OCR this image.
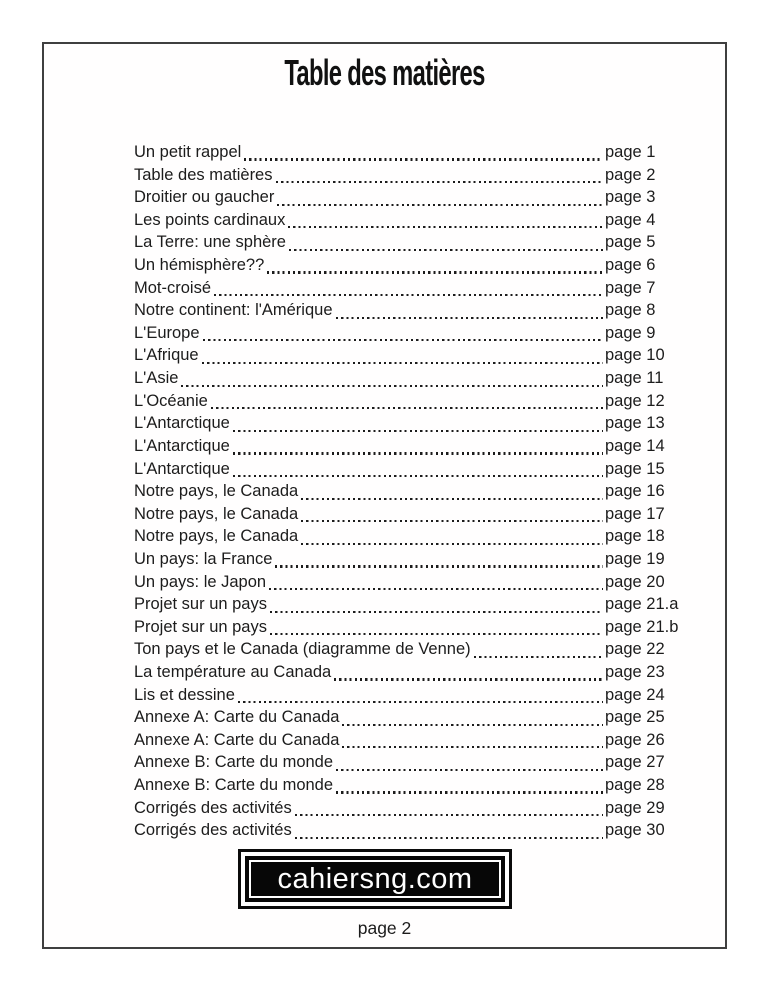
Table des matières
Un petit rappel	page 1
Table des matières	page 2
Droitier ou gaucher	page 3
Les points cardinaux	page 4
La Terre: une sphère	page 5
Un hémisphère??	page 6
Mot-croisé	page 7
Notre continent: l'Amérique	page 8
L'Europe	page 9
L'Afrique	page 10
L'Asie	page 11
L'Océanie	page 12
L'Antarctique	page 13
L'Antarctique	page 14
L'Antarctique	page 15
Notre pays, le Canada	page 16
Notre pays, le Canada	page 17
Notre pays, le Canada	page 18
Un pays: la France	page 19
Un pays: le Japon	page 20
Projet sur un pays	page 21.a
Projet sur un pays	page 21.b
Ton pays et le Canada (diagramme de Venne)	page 22
La température au Canada	page 23
Lis et dessine	page 24
Annexe A: Carte du Canada	page 25
Annexe A: Carte du Canada	page 26
Annexe B: Carte du monde	page 27
Annexe B: Carte du monde	page 28
Corrigés des activités	page 29
Corrigés des activités	page 30
cahiersng.com
page 2
